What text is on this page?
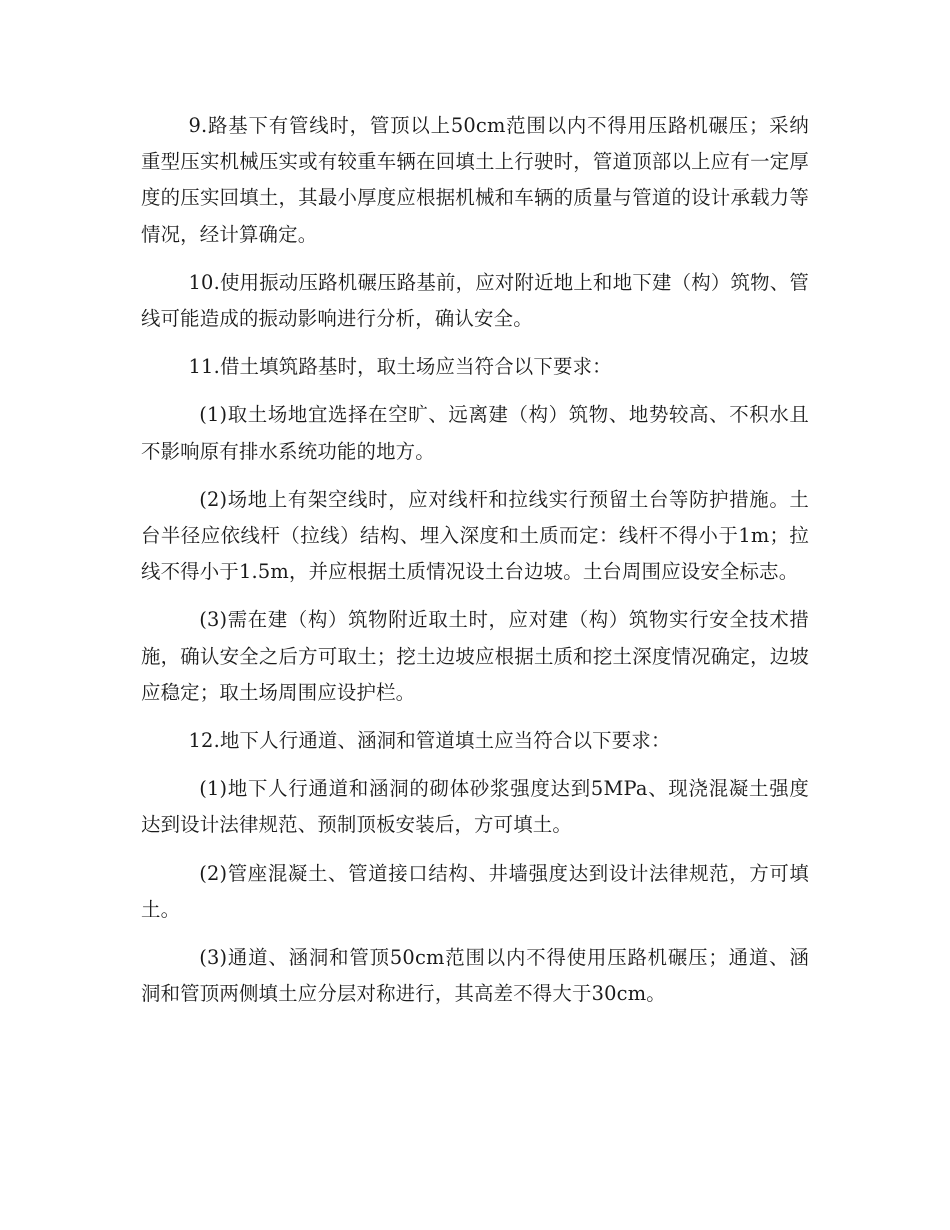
9.路基下有管线时，管顶以上50cm范围以内不得用压路机碾压；采纳重型压实机械压实或有较重车辆在回填土上行驶时，管道顶部以上应有一定厚度的压实回填土，其最小厚度应根据机械和车辆的质量与管道的设计承载力等情况，经计算确定。

10.使用振动压路机碾压路基前，应对附近地上和地下建（构）筑物、管线可能造成的振动影响进行分析，确认安全。

11.借土填筑路基时，取土场应当符合以下要求：

(1)取土场地宜选择在空旷、远离建（构）筑物、地势较高、不积水且不影响原有排水系统功能的地方。

(2)场地上有架空线时，应对线杆和拉线实行预留土台等防护措施。土台半径应依线杆（拉线）结构、埋入深度和土质而定：线杆不得小于1m；拉线不得小于1.5m，并应根据土质情况设土台边坡。土台周围应设安全标志。

(3)需在建（构）筑物附近取土时，应对建（构）筑物实行安全技术措施，确认安全之后方可取土；挖土边坡应根据土质和挖土深度情况确定，边坡应稳定；取土场周围应设护栏。

12.地下人行通道、涵洞和管道填土应当符合以下要求：

(1)地下人行通道和涵洞的砌体砂浆强度达到5MPa、现浇混凝土强度达到设计法律规范、预制顶板安装后，方可填土。

(2)管座混凝土、管道接口结构、井墙强度达到设计法律规范，方可填土。

(3)通道、涵洞和管顶50cm范围以内不得使用压路机碾压；通道、涵洞和管顶两侧填土应分层对称进行，其高差不得大于30cm。
